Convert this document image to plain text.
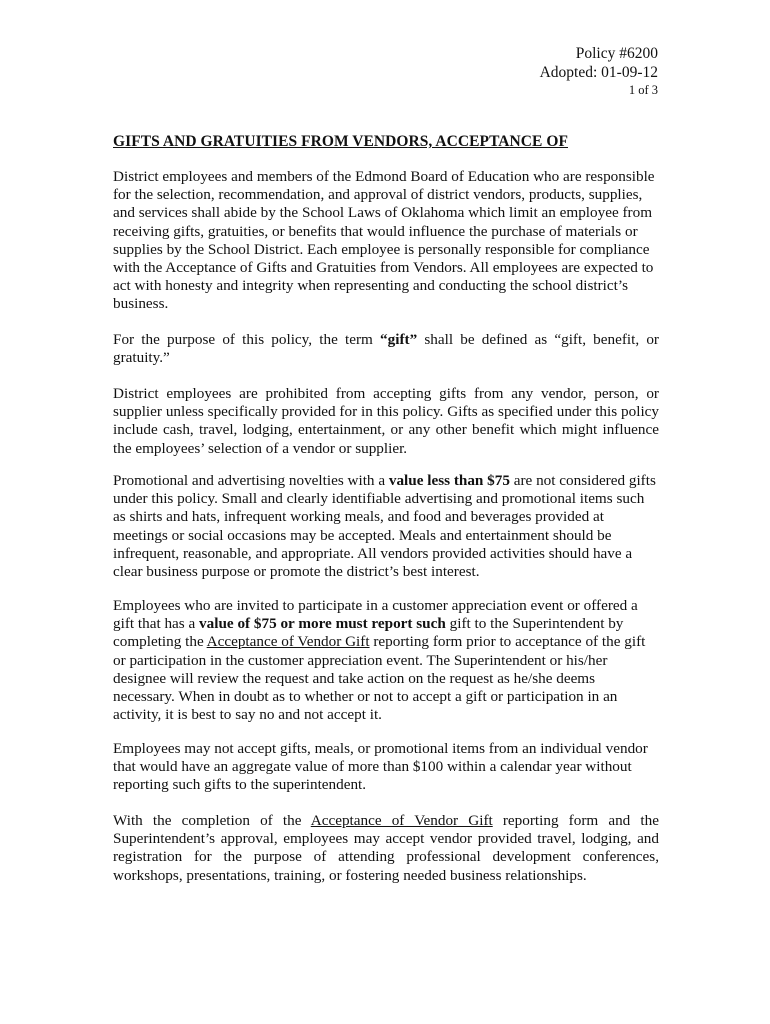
Policy #6200
Adopted: 01-09-12
1 of 3
GIFTS AND GRATUITIES FROM VENDORS, ACCEPTANCE OF

District employees and members of the Edmond Board of Education who are responsible for the selection, recommendation, and approval of district vendors, products, supplies, and services shall abide by the School Laws of Oklahoma which limit an employee from receiving gifts, gratuities, or benefits that would influence the purchase of materials or supplies by the School District. Each employee is personally responsible for compliance with the Acceptance of Gifts and Gratuities from Vendors. All employees are expected to act with honesty and integrity when representing and conducting the school district’s business.

For the purpose of this policy, the term “gift” shall be defined as “gift, benefit, or gratuity.”

District employees are prohibited from accepting gifts from any vendor, person, or supplier unless specifically provided for in this policy. Gifts as specified under this policy include cash, travel, lodging, entertainment, or any other benefit which might influence the employees’ selection of a vendor or supplier.

Promotional and advertising novelties with a value less than $75 are not considered gifts under this policy. Small and clearly identifiable advertising and promotional items such as shirts and hats, infrequent working meals, and food and beverages provided at meetings or social occasions may be accepted. Meals and entertainment should be infrequent, reasonable, and appropriate. All vendors provided activities should have a clear business purpose or promote the district’s best interest.

Employees who are invited to participate in a customer appreciation event or offered a gift that has a value of $75 or more must report such gift to the Superintendent by completing the Acceptance of Vendor Gift reporting form prior to acceptance of the gift or participation in the customer appreciation event. The Superintendent or his/her designee will review the request and take action on the request as he/she deems necessary. When in doubt as to whether or not to accept a gift or participation in an activity, it is best to say no and not accept it.

Employees may not accept gifts, meals, or promotional items from an individual vendor that would have an aggregate value of more than $100 within a calendar year without reporting such gifts to the superintendent.

With the completion of the Acceptance of Vendor Gift reporting form and the Superintendent’s approval, employees may accept vendor provided travel, lodging, and registration for the purpose of attending professional development conferences, workshops, presentations, training, or fostering needed business relationships.
